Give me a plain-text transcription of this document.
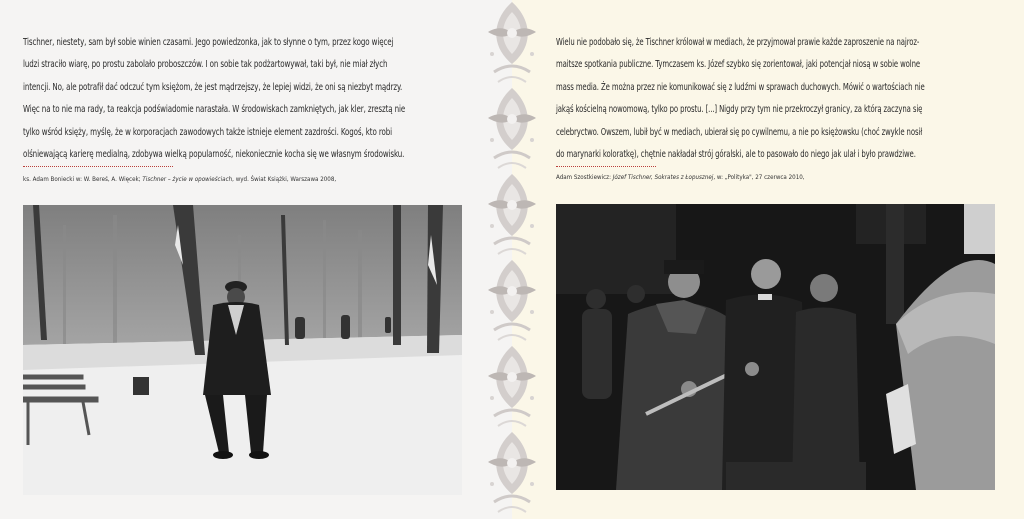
Tischner, niestety, sam był sobie winien czasami. Jego powiedzonka, jak to słynne o tym, przez kogo więcej

ludzi straciło wiarę, po prostu zabolało proboszczów. I on sobie tak podżartowywał, taki był, nie miał złych

intencji. No, ale potrafił dać odczuć tym księżom, że jest mądrzejszy, że lepiej widzi, że oni są niezbyt mądrzy.

Więc na to nie ma rady, ta reakcja podświadomie narastała. W środowiskach zamkniętych, jak kler, zresztą nie

tylko wśród księży, myślę, że w korporacjach zawodowych także istnieje element zazdrości. Kogoś, kto robi

olśniewającą karierę medialną, zdobywa wielką popularność, niekoniecznie kocha się we własnym środowisku.

ks. Adam Boniecki w: W. Bereś, A. Więcek; Tischner – życie w opowieściach, wyd. Świat Książki, Warszawa 2008,

Wielu nie podobało się, że Tischner królował w mediach, że przyjmował prawie każde zaproszenie na najroz-

maitsze spotkania publiczne. Tymczasem ks. Józef szybko się zorientował, jaki potencjał niosą w sobie wolne

mass media. Że można przez nie komunikować się z ludźmi w sprawach duchowych. Mówić o wartościach nie

jakąś kościelną nowomową, tylko po prostu. [...] Nigdy przy tym nie przekroczył granicy, za którą zaczyna się

celebryctwo. Owszem, lubił być w mediach, ubierał się po cywilnemu, a nie po księżowsku (choć zwykle nosił

do marynarki koloratkę), chętnie nakładał strój góralski, ale to pasowało do niego jak ulał i było prawdziwe.

Adam Szostkiewicz: Józef Tischner, Sokrates z Łopusznej, w: „Polityka", 27 czerwca 2010,
